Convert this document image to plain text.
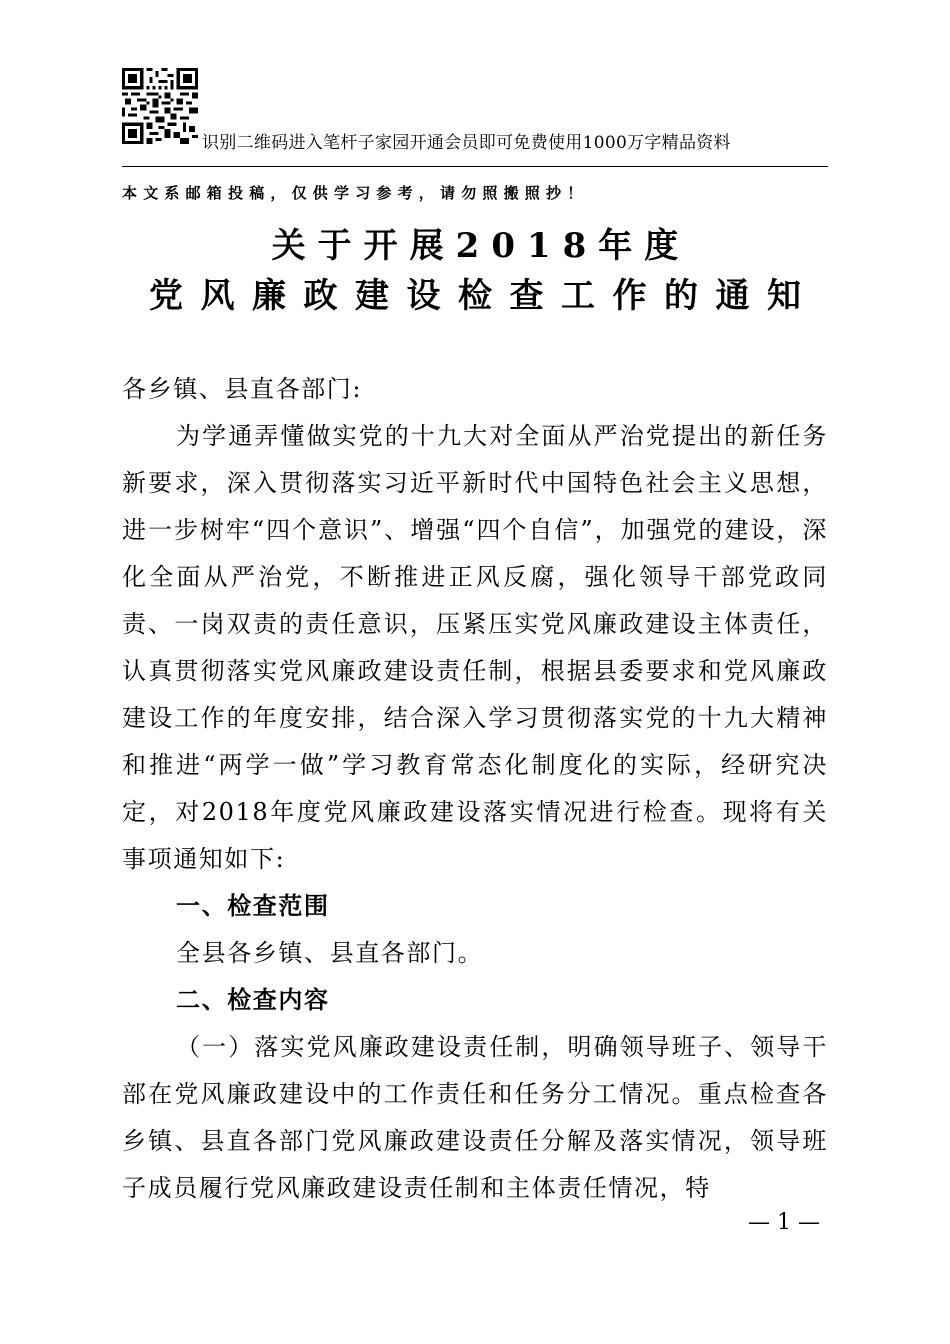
识别二维码进入笔杆子家园开通会员即可免费使用1000万字精品资料
本文系邮箱投稿，仅供学习参考，请勿照搬照抄！
关于开展2018年度
党风廉政建设检查工作的通知

各乡镇、县直各部门:

为学通弄懂做实党的十九大对全面从严治党提出的新任务新要求，深入贯彻落实习近平新时代中国特色社会主义思想，进一步树牢“四个意识”、增强“四个自信”，加强党的建设，深化全面从严治党，不断推进正风反腐，强化领导干部党政同责、一岗双责的责任意识，压紧压实党风廉政建设主体责任，认真贯彻落实党风廉政建设责任制，根据县委要求和党风廉政建设工作的年度安排，结合深入学习贯彻落实党的十九大精神和推进“两学一做”学习教育常态化制度化的实际，经研究决定，对2018年度党风廉政建设落实情况进行检查。现将有关事项通知如下:

一、检查范围

全县各乡镇、县直各部门。

二、检查内容

（一）落实党风廉政建设责任制，明确领导班子、领导干部在党风廉政建设中的工作责任和任务分工情况。重点检查各乡镇、县直各部门党风廉政建设责任分解及落实情况，领导班子成员履行党风廉政建设责任制和主体责任情况，特

— 1 —
